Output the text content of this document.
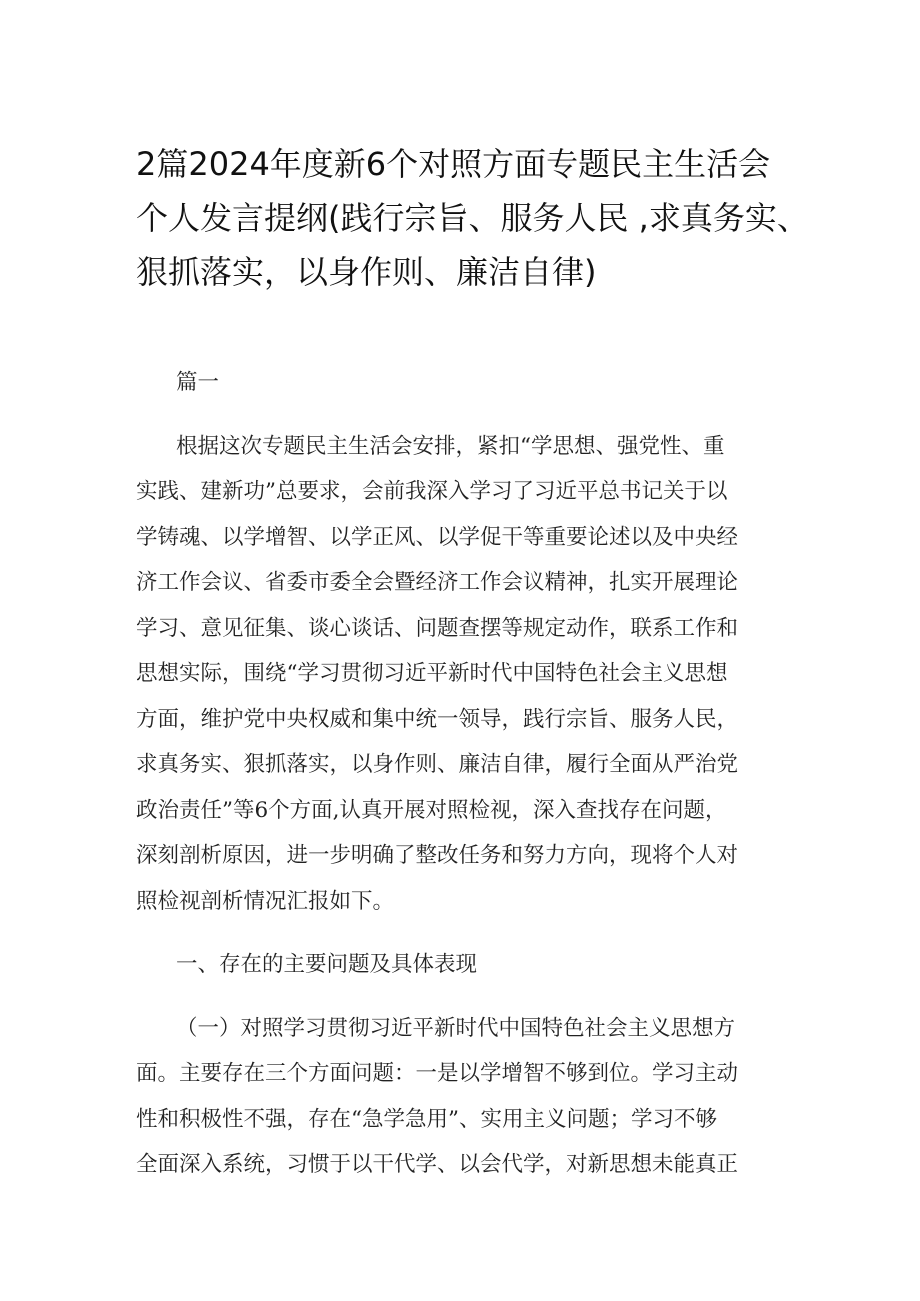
2篇2024年度新6个对照方面专题民主生活会
个人发言提纲(践行宗旨、服务人民 ,求真务实、
狠抓落实，以身作则、廉洁自律)

篇一

根据这次专题民主生活会安排，紧扣“学思想、强党性、重
实践、建新功”总要求，会前我深入学习了习近平总书记关于以
学铸魂、以学增智、以学正风、以学促干等重要论述以及中央经
济工作会议、省委市委全会暨经济工作会议精神，扎实开展理论
学习、意见征集、谈心谈话、问题查摆等规定动作，联系工作和
思想实际，围绕“学习贯彻习近平新时代中国特色社会主义思想
方面，维护党中央权威和集中统一领导，践行宗旨、服务人民，
求真务实、狠抓落实，以身作则、廉洁自律，履行全面从严治党
政治责任”等6个方面,认真开展对照检视，深入查找存在问题，
深刻剖析原因，进一步明确了整改任务和努力方向，现将个人对
照检视剖析情况汇报如下。

一、存在的主要问题及具体表现

（一）对照学习贯彻习近平新时代中国特色社会主义思想方
面。主要存在三个方面问题：一是以学增智不够到位。学习主动
性和积极性不强，存在“急学急用”、实用主义问题；学习不够
全面深入系统，习惯于以干代学、以会代学，对新思想未能真正
